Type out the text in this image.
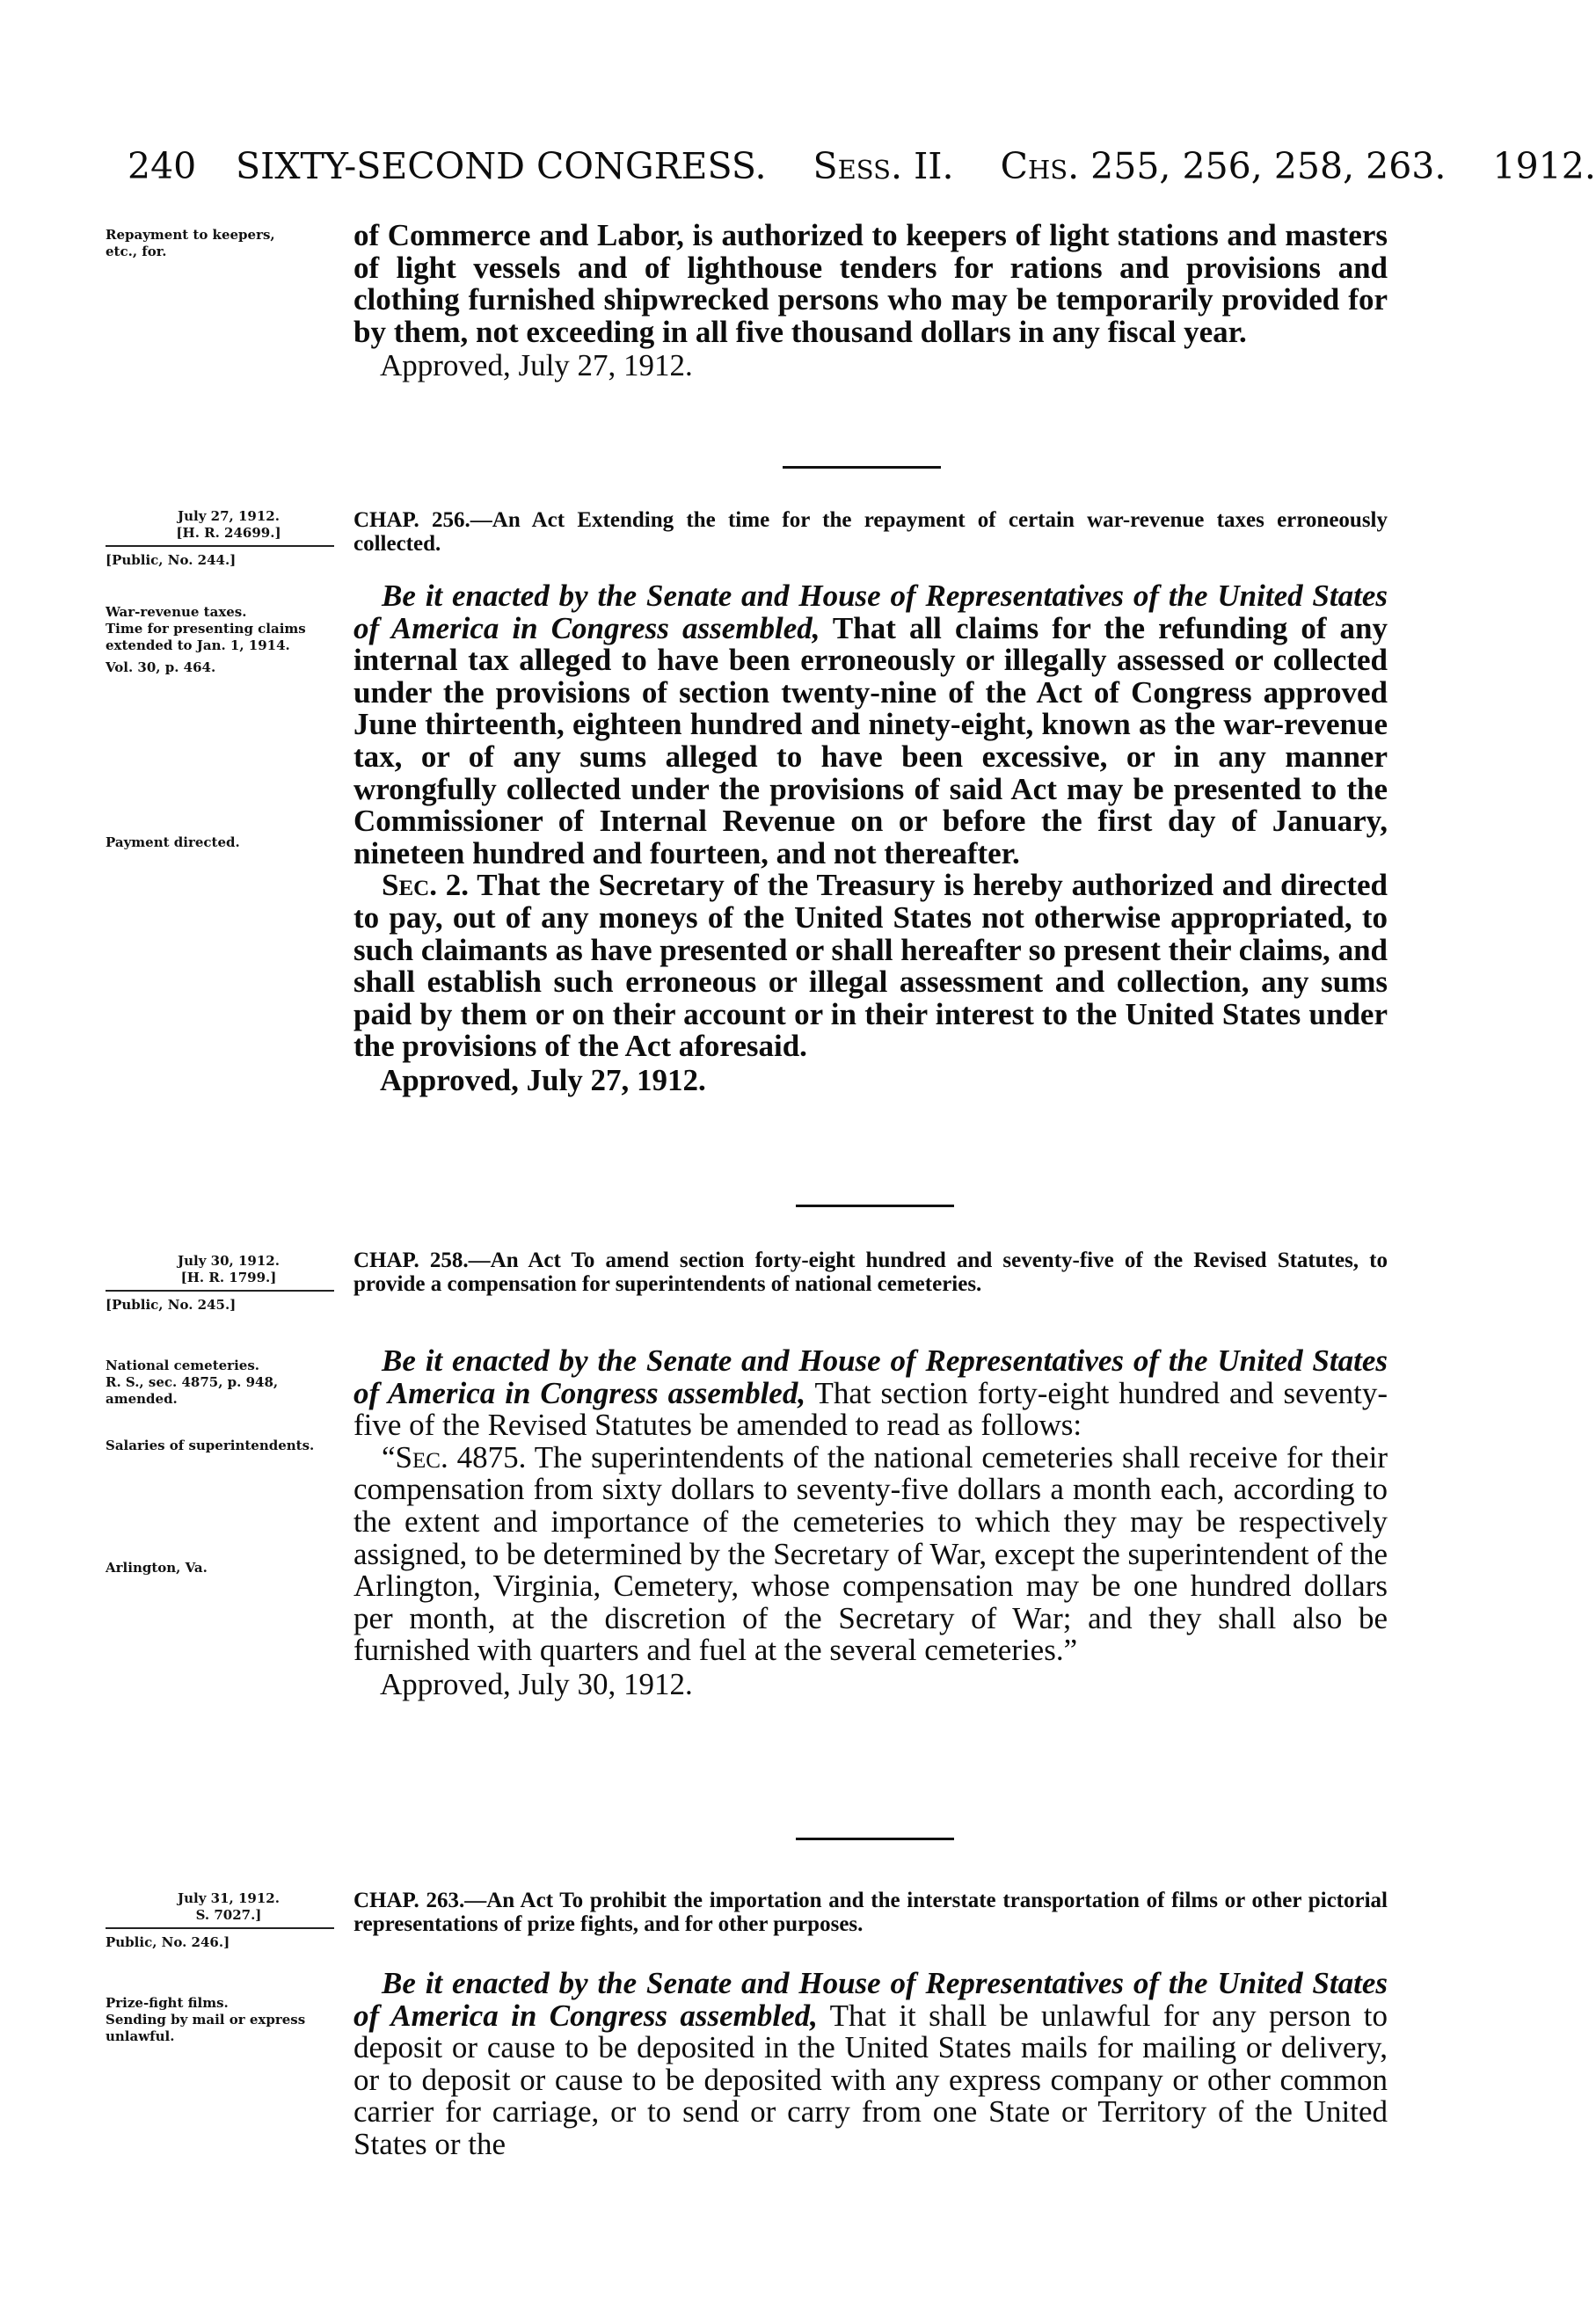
240 SIXTY-SECOND CONGRESS. Sess. II. Chs. 255, 256, 258, 263. 1912.
Repayment to keepers, etc., for.	of Commerce and Labor, is authorized to keepers of light stations and masters of light vessels and of lighthouse tenders for rations and provisions and clothing furnished shipwrecked persons who may be temporarily provided for by them, not exceeding in all five thousand dollars in any fiscal year.

Approved, July 27, 1912.

July 27, 1912.
[H. R. 24699.]
[Public, No. 244.]
War-revenue taxes.
Time for presenting claims extended to Jan. 1, 1914.
Vol. 30, p. 464.
Payment directed.
CHAP. 256.—An Act Extending the time for the repayment of certain war-revenue taxes erroneously collected.

Be it enacted by the Senate and House of Representatives of the United States of America in Congress assembled, That all claims for the refunding of any internal tax alleged to have been erroneously or illegally assessed or collected under the provisions of section twenty-nine of the Act of Congress approved June thirteenth, eighteen hundred and ninety-eight, known as the war-revenue tax, or of any sums alleged to have been excessive, or in any manner wrongfully collected under the provisions of said Act may be presented to the Commissioner of Internal Revenue on or before the first day of January, nineteen hundred and fourteen, and not thereafter.

Sec. 2. That the Secretary of the Treasury is hereby authorized and directed to pay, out of any moneys of the United States not otherwise appropriated, to such claimants as have presented or shall hereafter so present their claims, and shall establish such erroneous or illegal assessment and collection, any sums paid by them or on their account or in their interest to the United States under the provisions of the Act aforesaid.

Approved, July 27, 1912.

July 30, 1912.
[H. R. 1799.]
[Public, No. 245.]
National cemeteries.
R. S., sec. 4875, p. 948, amended.
Salaries of superintendents.
Arlington, Va.
CHAP. 258.—An Act To amend section forty-eight hundred and seventy-five of the Revised Statutes, to provide a compensation for superintendents of national cemeteries.

Be it enacted by the Senate and House of Representatives of the United States of America in Congress assembled, That section forty-eight hundred and seventy-five of the Revised Statutes be amended to read as follows:

“Sec. 4875. The superintendents of the national cemeteries shall receive for their compensation from sixty dollars to seventy-five dollars a month each, according to the extent and importance of the cemeteries to which they may be respectively assigned, to be determined by the Secretary of War, except the superintendent of the Arlington, Virginia, Cemetery, whose compensation may be one hundred dollars per month, at the discretion of the Secretary of War; and they shall also be furnished with quarters and fuel at the several cemeteries.”

Approved, July 30, 1912.

July 31, 1912.
S. 7027.]
Public, No. 246.]
Prize-fight films.
Sending by mail or express unlawful.
CHAP. 263.—An Act To prohibit the importation and the interstate transportation of films or other pictorial representations of prize fights, and for other purposes.

Be it enacted by the Senate and House of Representatives of the United States of America in Congress assembled, That it shall be unlawful for any person to deposit or cause to be deposited in the United States mails for mailing or delivery, or to deposit or cause to be deposited with any express company or other common carrier for carriage, or to send or carry from one State or Territory of the United States or the
